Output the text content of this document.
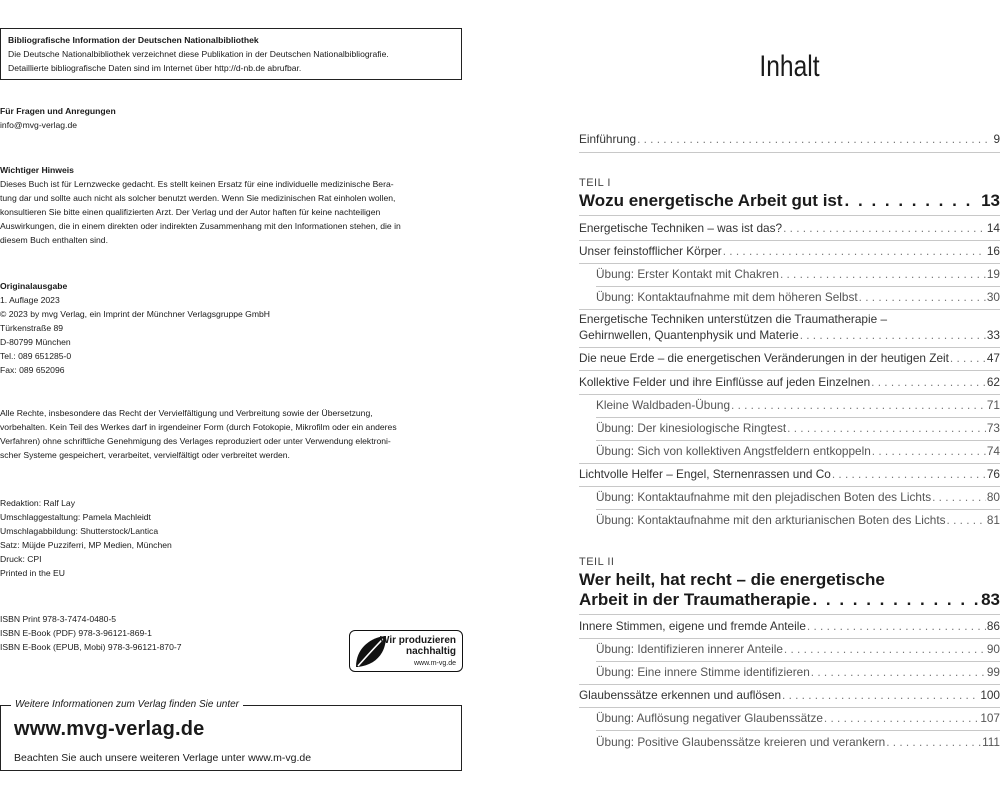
Bibliografische Information der Deutschen Nationalbibliothek

Die Deutsche Nationalbibliothek verzeichnet diese Publikation in der Deutschen Nationalbibliografie.

Detaillierte bibliografische Daten sind im Internet über http://d-nb.de abrufbar.

Für Fragen und Anregungen

info@mvg-verlag.de

Wichtiger Hinweis

Dieses Buch ist für Lernzwecke gedacht. Es stellt keinen Ersatz für eine individuelle medizinische Bera-

tung dar und sollte auch nicht als solcher benutzt werden. Wenn Sie medizinischen Rat einholen wollen,

konsultieren Sie bitte einen qualifizierten Arzt. Der Verlag und der Autor haften für keine nachteiligen

Auswirkungen, die in einem direkten oder indirekten Zusammenhang mit den Informationen stehen, die in

diesem Buch enthalten sind.

Originalausgabe

1. Auflage 2023

© 2023 by mvg Verlag, ein Imprint der Münchner Verlagsgruppe GmbH

Türkenstraße 89

D-80799 München

Tel.: 089 651285-0

Fax: 089 652096

Alle Rechte, insbesondere das Recht der Vervielfältigung und Verbreitung sowie der Übersetzung,

vorbehalten. Kein Teil des Werkes darf in irgendeiner Form (durch Fotokopie, Mikrofilm oder ein anderes

Verfahren) ohne schriftliche Genehmigung des Verlages reproduziert oder unter Verwendung elektroni-

scher Systeme gespeichert, verarbeitet, vervielfältigt oder verbreitet werden.

Redaktion: Ralf Lay

Umschlaggestaltung: Pamela Machleidt

Umschlagabbildung: Shutterstock/Lantica

Satz: Müjde Puzziferri, MP Medien, München

Druck: CPI

Printed in the EU

ISBN Print 978-3-7474-0480-5

ISBN E-Book (PDF) 978-3-96121-869-1

ISBN E-Book (EPUB, Mobi) 978-3-96121-870-7

Wir produzieren
nachhaltig
www.m-vg.de
Weitere Informationen zum Verlag finden Sie unter
www.mvg-verlag.de
Beachten Sie auch unsere weiteren Verlage unter www.m-vg.de
Inhalt
Einführung . . .	9
TEIL I
Wozu energetische Arbeit gut ist . . .	13
Energetische Techniken – was ist das? . . .	14
Unser feinstofflicher Körper . . .	16
Übung: Erster Kontakt mit Chakren . . .	19
Übung: Kontaktaufnahme mit dem höheren Selbst . . .	30
Energetische Techniken unterstützen die Traumatherapie –
Gehirnwellen, Quantenphysik und Materie . . .	33
Die neue Erde – die energetischen Veränderungen in der heutigen Zeit . . .	47
Kollektive Felder und ihre Einflüsse auf jeden Einzelnen . . .	62
Kleine Waldbaden-Übung . . .	71
Übung: Der kinesiologische Ringtest . . .	73
Übung: Sich von kollektiven Angstfeldern entkoppeln . . .	74
Lichtvolle Helfer – Engel, Sternenrassen und Co . . .	76
Übung: Kontaktaufnahme mit den plejadischen Boten des Lichts . . .	80
Übung: Kontaktaufnahme mit den arkturianischen Boten des Lichts . . .	81
TEIL II
Wer heilt, hat recht – die energetische
Arbeit in der Traumatherapie . . .	83
Innere Stimmen, eigene und fremde Anteile . . .	86
Übung: Identifizieren innerer Anteile . . .	90
Übung: Eine innere Stimme identifizieren . . .	99
Glaubenssätze erkennen und auflösen . . .	100
Übung: Auflösung negativer Glaubenssätze . . .	107
Übung: Positive Glaubenssätze kreieren und verankern . . .	111
